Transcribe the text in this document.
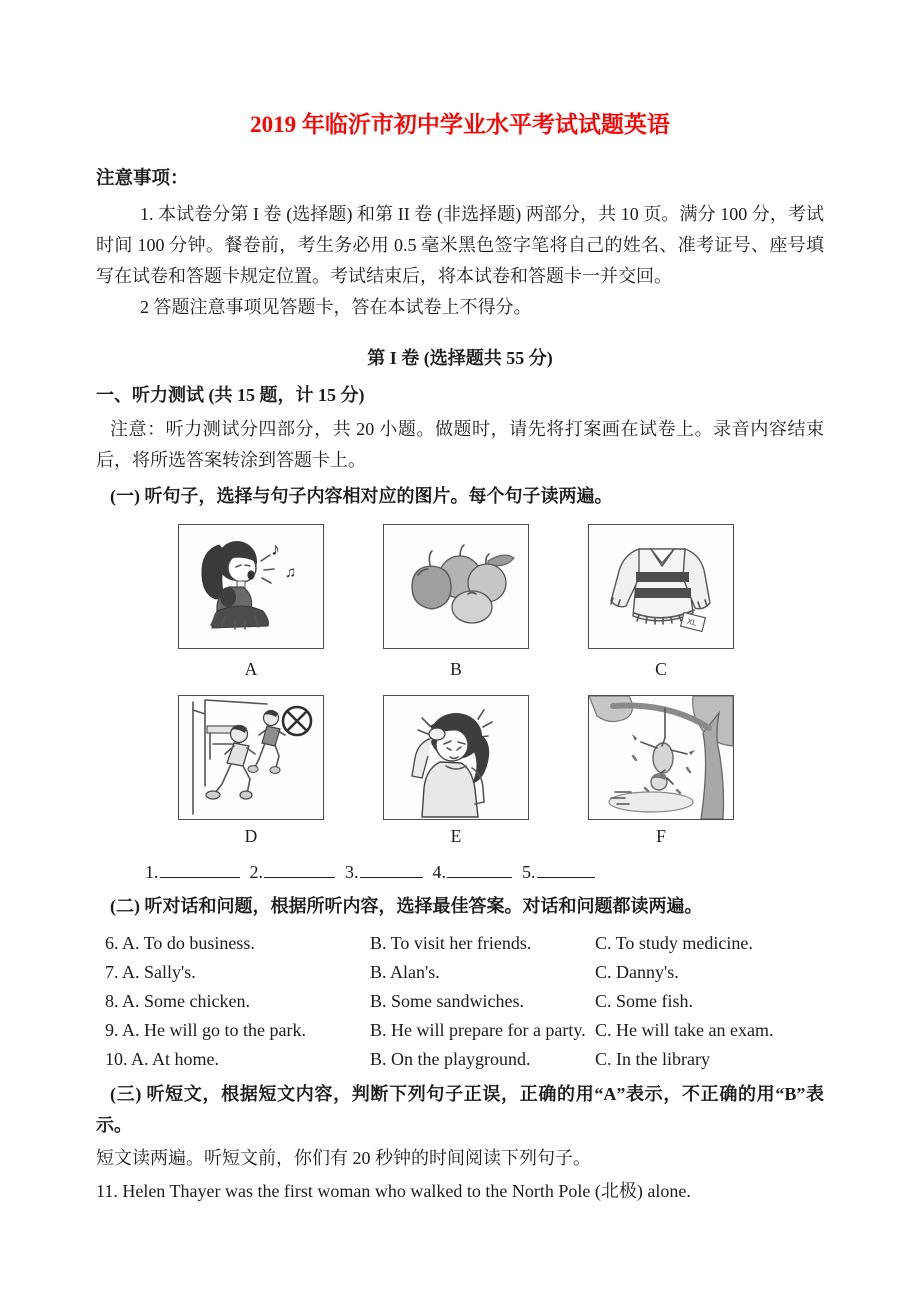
2019 年临沂市初中学业水平考试试题英语
注意事项：
1. 本试卷分第 I 卷 (选择题) 和第 II 卷 (非选择题) 两部分，共 10 页。满分 100 分，考试时间 100 分钟。餐卷前，考生务必用 0.5 毫米黑色签字笔将自己的姓名、准考证号、座号填写在试卷和答题卡规定位置。考试结束后，将本试卷和答题卡一并交回。
2 答题注意事项见答题卡，答在本试卷上不得分。
第 I 卷 (选择题共 55 分)
一、听力测试 (共 15 题，计 15 分)
注意：听力测试分四部分，共 20 小题。做题时，请先将打案画在试卷上。录音内容结束后，将所选答案转涂到答题卡上。
(一) 听句子，选择与句子内容相对应的图片。每个句子读两遍。
♪
♫
XL
A	B	C
D	E	F
1.	2.	3.	4.	5.
(二) 听对话和问题，根据所听内容，选择最佳答案。对话和问题都读两遍。
6. A. To do business.	B. To visit her friends.	C. To study medicine.
7. A. Sally's.	B. Alan's.	C. Danny's.
8. A. Some chicken.	B. Some sandwiches.	C. Some fish.
9. A. He will go to the park.	B. He will prepare for a party. C. He will take an exam.
10. A. At home.	B. On the playground.	C. In the library
(三) 听短文，根据短文内容，判断下列句子正误，正确的用“A”表示，不正确的用“B”表示。
短文读两遍。听短文前，你们有 20 秒钟的时间阅读下列句子。
11. Helen Thayer was the first woman who walked to the North Pole (北极) alone.
